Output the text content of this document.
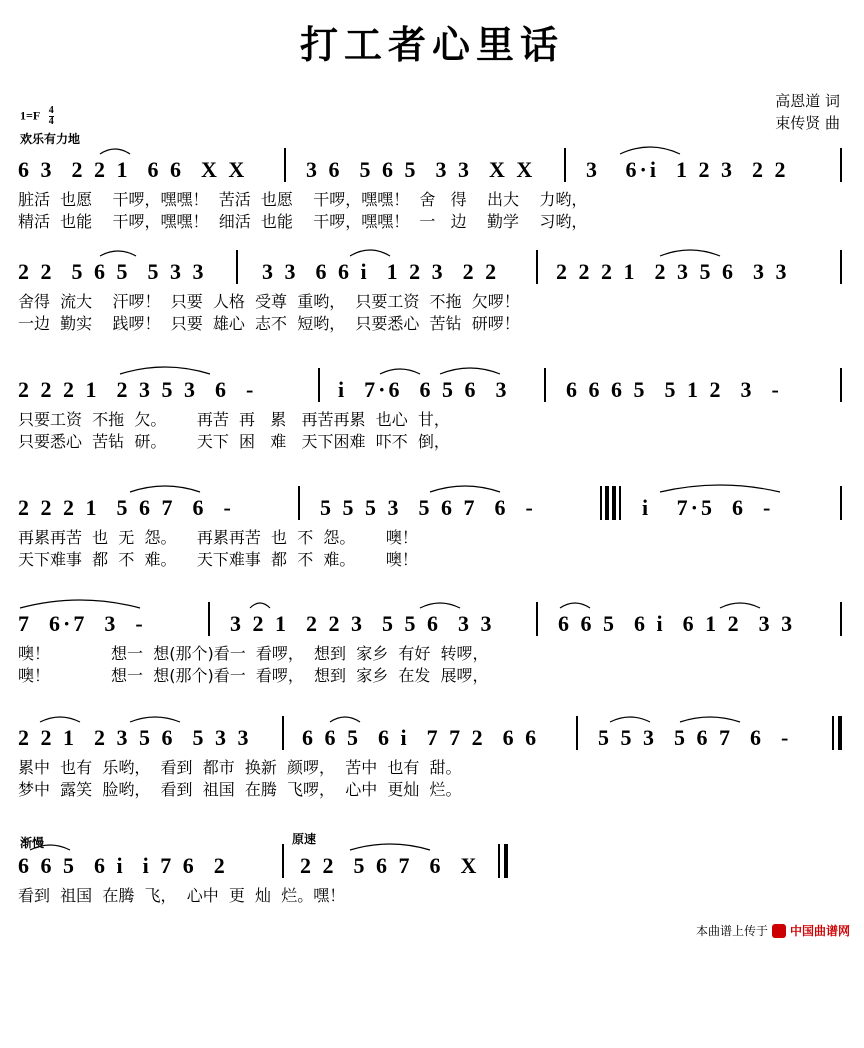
打工者心里话
高恩道 词
束传贤 曲
$1=F \frac{4}{4}$
欢乐有力地

6 3  2 2 1  6 6  X X

	3 6  5 6 5  3 3  X X

3   6·i  1 2 3  2 2

脏活  也愿    干啰，嘿嘿！  苦活  也愿    干啰，嘿嘿！  舍   得    出大    力哟，
精活  也能    干啰，嘿嘿！  细活  也能    干啰，嘿嘿！  一   边    勤学    习哟，

2 2  5 6 5  5 3 3

	3 3  6 6 i  1 2 3  2 2

	2 2 2 1  2 3 5 6  3 3

舍得  流大    汗啰！  只要  人格  受尊  重哟，  只要工资  不拖  欠啰！
一边  勤实    践啰！  只要  雄心  志不  短哟，  只要悉心  苦钻  研啰！

2 2 2 1  2 3 5 3  6  -

	i  7·6  6 5 6  3

	6 6 6 5  5 1 2  3  -

只要工资  不拖  欠。      再苦  再   累   再苦再累  也心  甘，
只要悉心  苦钻  研。      天下  困   难   天下困难  吓不  倒，

2 2 2 1  5 6 7  6  -

	5 5 5 3  5 6 7  6  -

	i   7·5  6  -

再累再苦  也  无  怨。    再累再苦  也  不  怨。      噢！
天下难事  都  不  难。    天下难事  都  不  难。      噢！

7  6·7  3  -

	3 2 1  2 2 3  5 5 6  3 3

	6 6 5  6 i  6 1 2  3 3

噢！            想一  想(那个)看一  看啰，  想到  家乡  有好  转啰，
噢！            想一  想(那个)看一  看啰，  想到  家乡  在发  展啰，

2 2 1  2 3 5 6  5 3 3

6 6 5  6 i  7 7 2  6 6

	5 5 3  5 6 7  6  -

累中  也有  乐哟，  看到  都市  换新  颜啰，  苦中  也有  甜。
梦中  露笑  脸哟，  看到  祖国  在腾  飞啰，  心中  更灿  烂。
渐慢	原速

6 6 5  6 i  i 7 6  2

	2 2  5 6 7  6  X

看到  祖国  在腾  飞，  心中  更  灿  烂。嘿！
本曲谱上传于 中国曲谱网
